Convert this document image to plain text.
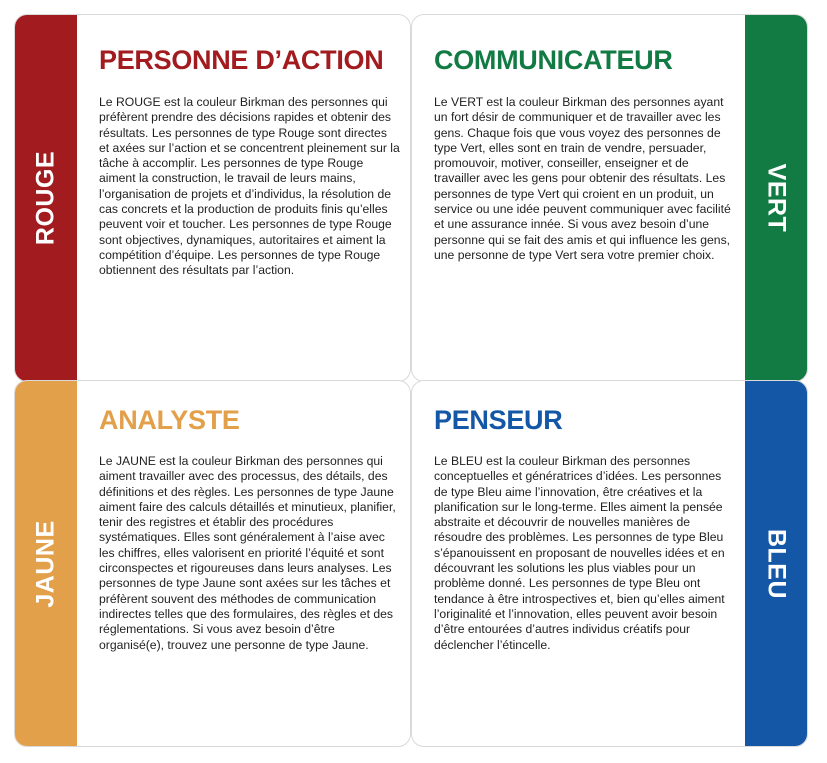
ROUGE
PERSONNE D’ACTION

Le ROUGE est la couleur Birkman des personnes qui préfèrent prendre des décisions rapides et obtenir des résultats. Les personnes de type Rouge sont directes et axées sur l’action et se concentrent pleinement sur la tâche à accomplir. Les personnes de type Rouge aiment la construction, le travail de leurs mains, l’organisation de projets et d’individus, la résolution de cas concrets et la production de produits finis qu’elles peuvent voir et toucher. Les personnes de type Rouge sont objectives, dynamiques, autoritaires et aiment la compétition d’équipe. Les personnes de type Rouge obtiennent des résultats par l’action.

COMMUNICATEUR

Le VERT est la couleur Birkman des personnes ayant un fort désir de communiquer et de travailler avec les gens. Chaque fois que vous voyez des personnes de type Vert, elles sont en train de vendre, persuader, promouvoir, motiver, conseiller, enseigner et de travailler avec les gens pour obtenir des résultats. Les personnes de type Vert qui croient en un produit, un service ou une idée peuvent communiquer avec facilité et une assurance innée. Si vous avez besoin d’une personne qui se fait des amis et qui influence les gens, une personne de type Vert sera votre premier choix.

VERT
JAUNE
ANALYSTE

Le JAUNE est la couleur Birkman des personnes qui aiment travailler avec des processus, des détails, des définitions et des règles. Les personnes de type Jaune aiment faire des calculs détaillés et minutieux, planifier, tenir des registres et établir des procédures systématiques. Elles sont généralement à l’aise avec les chiffres, elles valorisent en priorité l’équité et sont circonspectes et rigoureuses dans leurs analyses. Les personnes de type Jaune sont axées sur les tâches et préfèrent souvent des méthodes de communication indirectes telles que des formulaires, des règles et des réglementations. Si vous avez besoin d’être organisé(e), trouvez une personne de type Jaune.

PENSEUR

Le BLEU est la couleur Birkman des personnes conceptuelles et génératrices d’idées. Les personnes de type Bleu aime l’innovation, être créatives et la planification sur le long-terme. Elles aiment la pensée abstraite et découvrir de nouvelles manières de résoudre des problèmes. Les personnes de type Bleu s’épanouissent en proposant de nouvelles idées et en découvrant les solutions les plus viables pour un problème donné. Les personnes de type Bleu ont tendance à être introspectives et, bien qu’elles aiment l’originalité et l’innovation, elles peuvent avoir besoin d’être entourées d’autres individus créatifs pour déclencher l’étincelle.

BLEU
